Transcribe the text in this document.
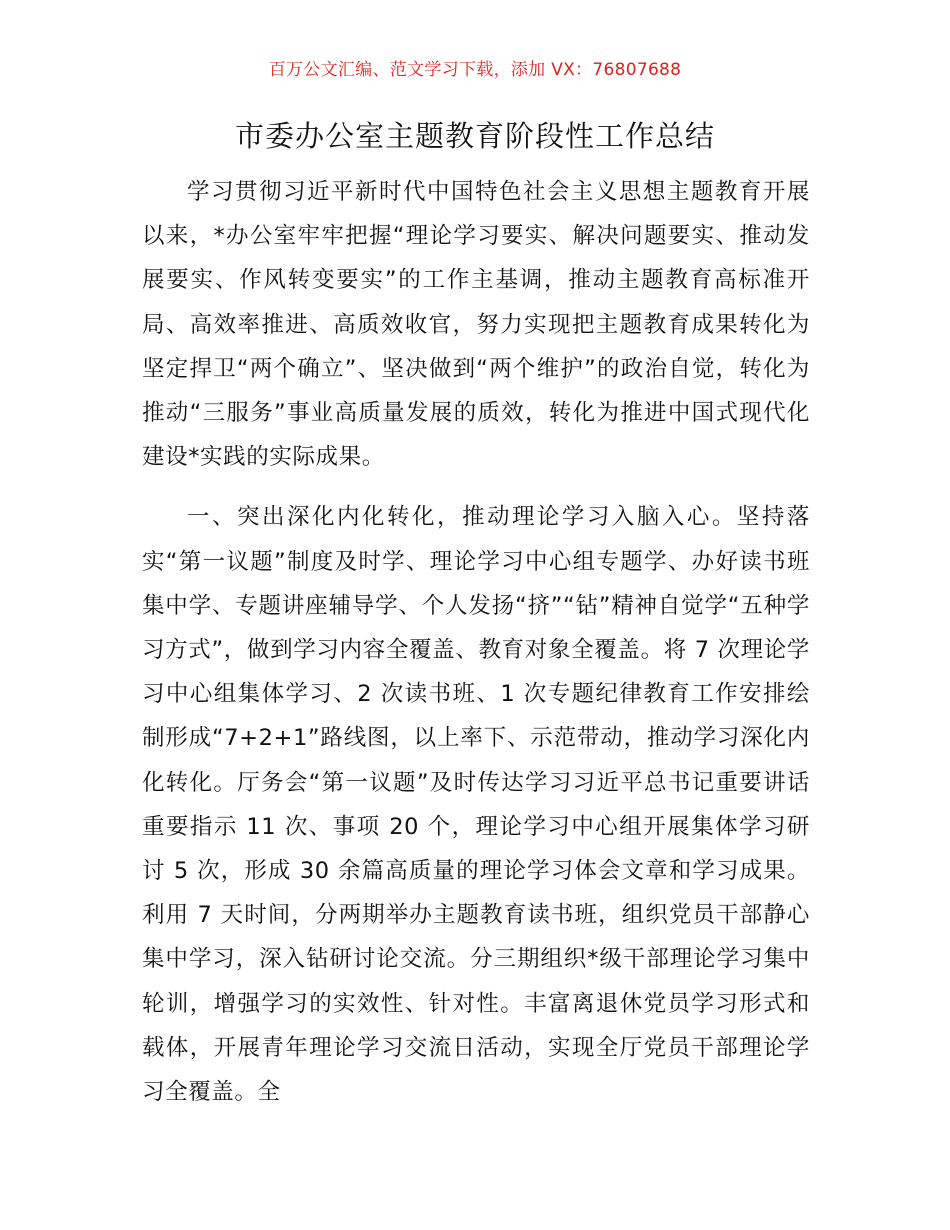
百万公文汇编、范文学习下载，添加 VX：76807688
市委办公室主题教育阶段性工作总结

学习贯彻习近平新时代中国特色社会主义思想主题教育开展以来，*办公室牢牢把握“理论学习要实、解决问题要实、推动发展要实、作风转变要实”的工作主基调，推动主题教育高标准开局、高效率推进、高质效收官，努力实现把主题教育成果转化为坚定捍卫“两个确立”、坚决做到“两个维护”的政治自觉，转化为推动“三服务”事业高质量发展的质效，转化为推进中国式现代化建设*实践的实际成果。

一、突出深化内化转化，推动理论学习入脑入心。坚持落实“第一议题”制度及时学、理论学习中心组专题学、办好读书班集中学、专题讲座辅导学、个人发扬“挤”“钻”精神自觉学“五种学习方式”，做到学习内容全覆盖、教育对象全覆盖。将 7 次理论学习中心组集体学习、2 次读书班、1 次专题纪律教育工作安排绘制形成“7+2+1”路线图，以上率下、示范带动，推动学习深化内化转化。厅务会“第一议题”及时传达学习习近平总书记重要讲话重要指示 11 次、事项 20 个，理论学习中心组开展集体学习研讨 5 次，形成 30 余篇高质量的理论学习体会文章和学习成果。利用 7 天时间，分两期举办主题教育读书班，组织党员干部静心集中学习，深入钻研讨论交流。分三期组织*级干部理论学习集中轮训，增强学习的实效性、针对性。丰富离退休党员学习形式和载体，开展青年理论学习交流日活动，实现全厅党员干部理论学习全覆盖。全
